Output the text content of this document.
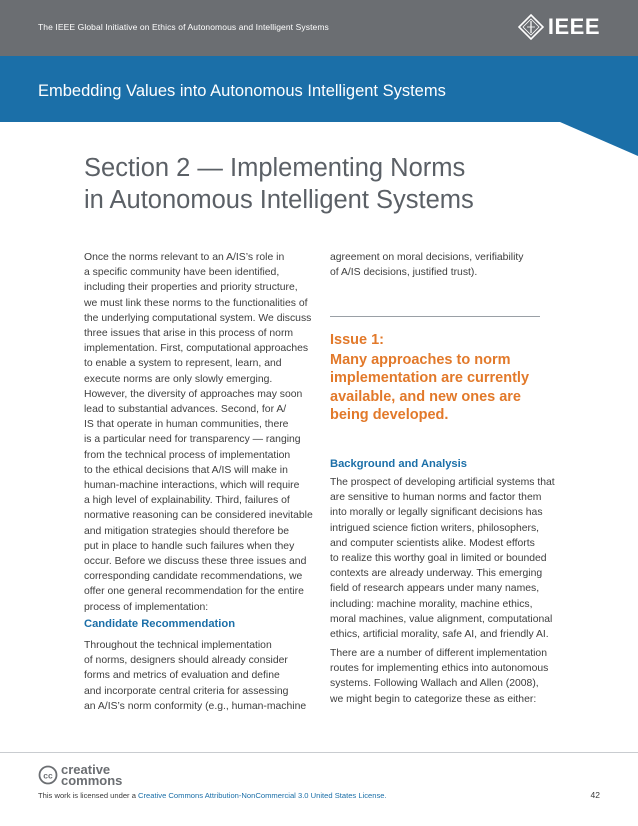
The IEEE Global Initiative on Ethics of Autonomous and Intelligent Systems	IEEE
Embedding Values into Autonomous Intelligent Systems
Section 2 — Implementing Norms
in Autonomous Intelligent Systems
Once the norms relevant to an A/IS’s role in
a specific community have been identified,
including their properties and priority structure,
we must link these norms to the functionalities of
the underlying computational system. We discuss
three issues that arise in this process of norm
implementation. First, computational approaches
to enable a system to represent, learn, and
execute norms are only slowly emerging.
However, the diversity of approaches may soon
lead to substantial advances. Second, for A/
IS that operate in human communities, there
is a particular need for transparency — ranging
from the technical process of implementation
to the ethical decisions that A/IS will make in
human-machine interactions, which will require
a high level of explainability. Third, failures of
normative reasoning can be considered inevitable
and mitigation strategies should therefore be
put in place to handle such failures when they
occur. Before we discuss these three issues and
corresponding candidate recommendations, we
offer one general recommendation for the entire
process of implementation:
Candidate Recommendation
Throughout the technical implementation
of norms, designers should already consider
forms and metrics of evaluation and define
and incorporate central criteria for assessing
an A/IS’s norm conformity (e.g., human-machine
agreement on moral decisions, verifiability
of A/IS decisions, justified trust).
Issue 1:
Many approaches to norm
implementation are currently
available, and new ones are
being developed.
Background and Analysis
The prospect of developing artificial systems that
are sensitive to human norms and factor them
into morally or legally significant decisions has
intrigued science fiction writers, philosophers,
and computer scientists alike. Modest efforts
to realize this worthy goal in limited or bounded
contexts are already underway. This emerging
field of research appears under many names,
including: machine morality, machine ethics,
moral machines, value alignment, computational
ethics, artificial morality, safe AI, and friendly AI.
There are a number of different implementation
routes for implementing ethics into autonomous
systems. Following Wallach and Allen (2008),
we might begin to categorize these as either:
cc creative
commons
This work is licensed under a Creative Commons Attribution-NonCommercial 3.0 United States License.	42
